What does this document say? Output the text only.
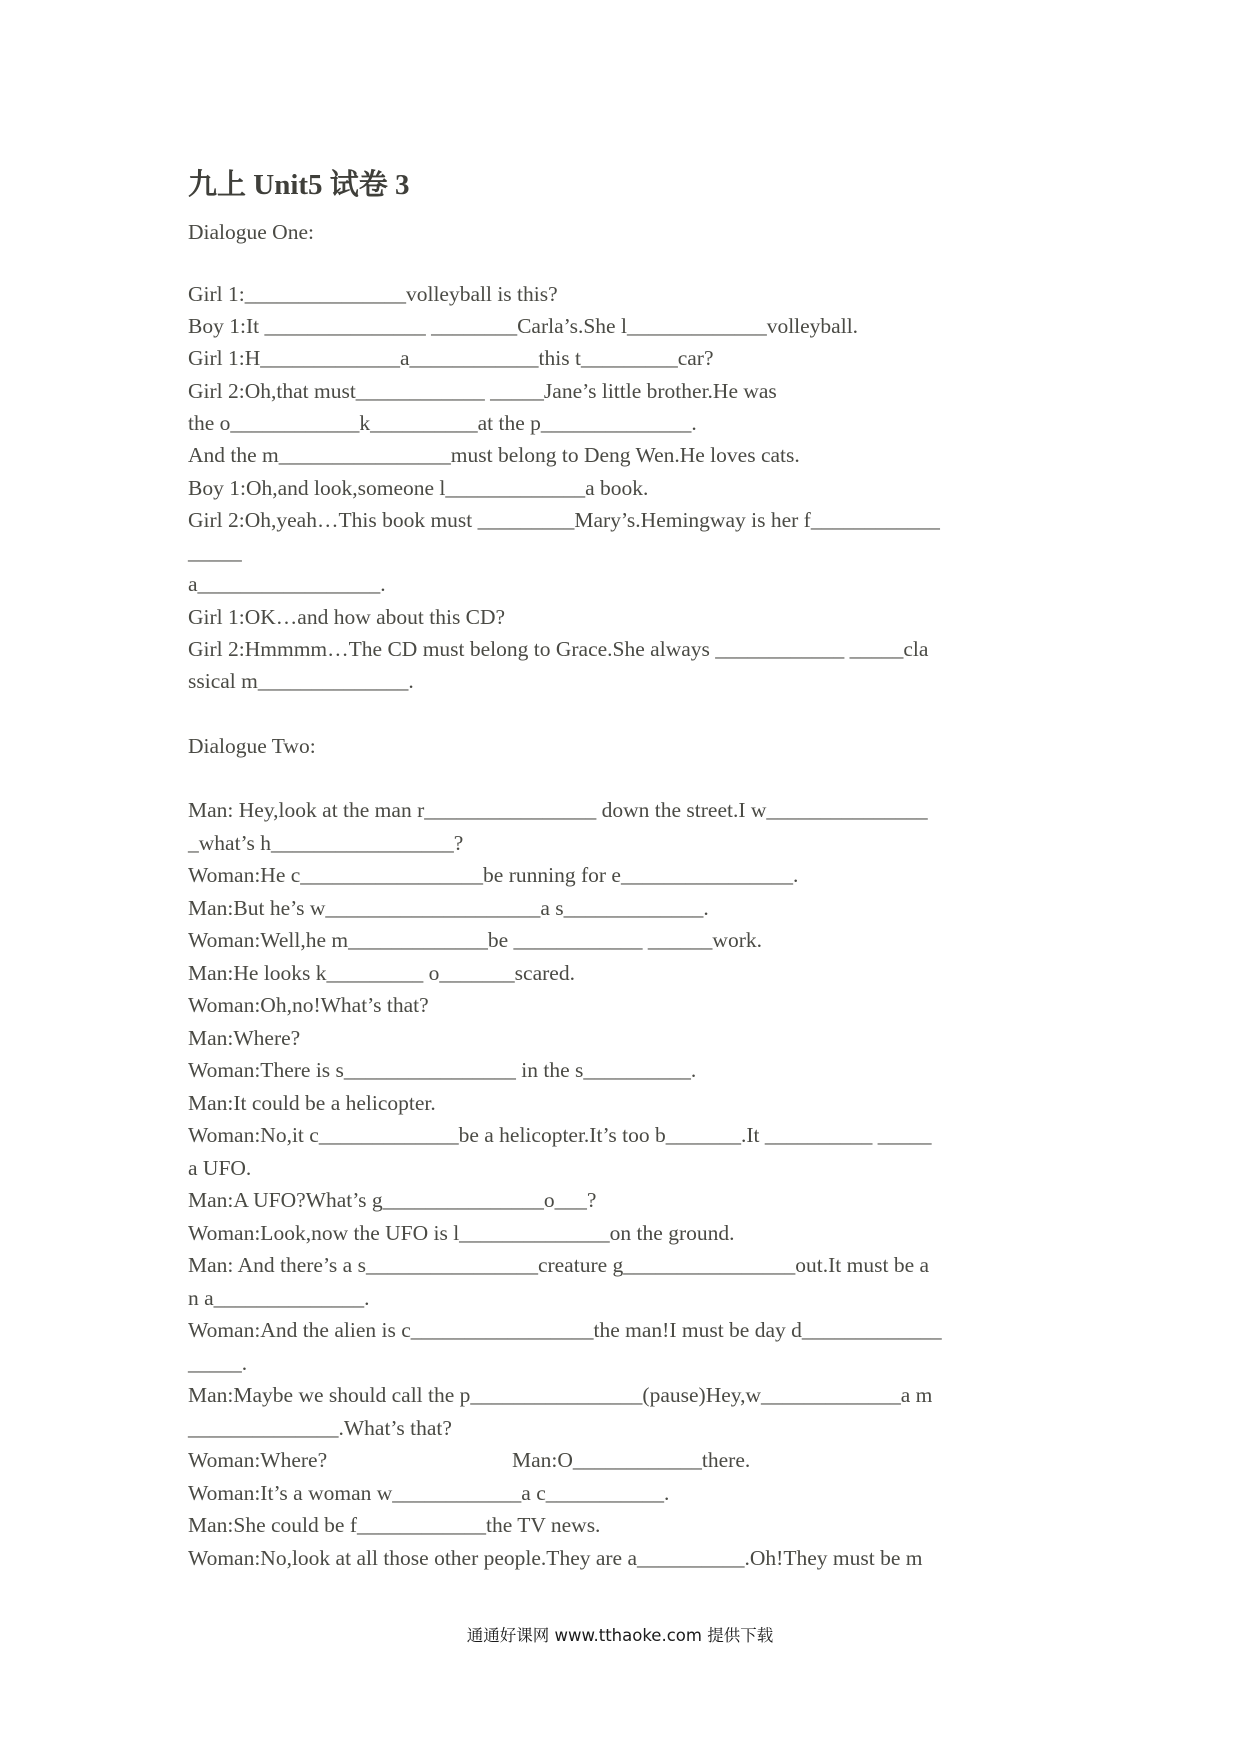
九上 Unit5 试卷 3
Dialogue One:
Girl 1:_______________volleyball is this?
Boy 1:It _______________ ________Carla’s.She l_____________volleyball.
Girl 1:H_____________a____________this t_________car?
Girl 2:Oh,that must____________ _____Jane’s little brother.He was
the o____________k__________at the p______________.
And the m________________must belong to Deng Wen.He loves cats.
Boy 1:Oh,and look,someone l_____________a book.
Girl 2:Oh,yeah…This book must _________Mary’s.Hemingway is her f____________
_____
a_________________.
Girl 1:OK…and how about this CD?
Girl 2:Hmmmm…The CD must belong to Grace.She always ____________ _____cla
ssical m______________.
Dialogue Two:
Man: Hey,look at the man r________________ down the street.I w_______________
_what’s h_________________?
Woman:He c_________________be running for e________________.
Man:But he’s w____________________a s_____________.
Woman:Well,he m_____________be ____________ ______work.
Man:He looks k_________ o_______scared.
Woman:Oh,no!What’s that?
Man:Where?
Woman:There is s________________ in the s__________.
Man:It could be a helicopter.
Woman:No,it c_____________be a helicopter.It’s too b_______.It __________ _____
a UFO.
Man:A UFO?What’s g_______________o___?
Woman:Look,now the UFO is l______________on the ground.
Man: And there’s a s________________creature g________________out.It must be a
n a______________.
Woman:And the alien is c_________________the man!I must be day d_____________
_____.
Man:Maybe we should call the p________________(pause)Hey,w_____________a m
______________.What’s that?
Woman:Where?	Man:O____________there.
Woman:It’s a woman w____________a c___________.
Man:She could be f____________the TV news.
Woman:No,look at all those other people.They are a__________.Oh!They must be m
通通好课网 www.tthaoke.com 提供下载
